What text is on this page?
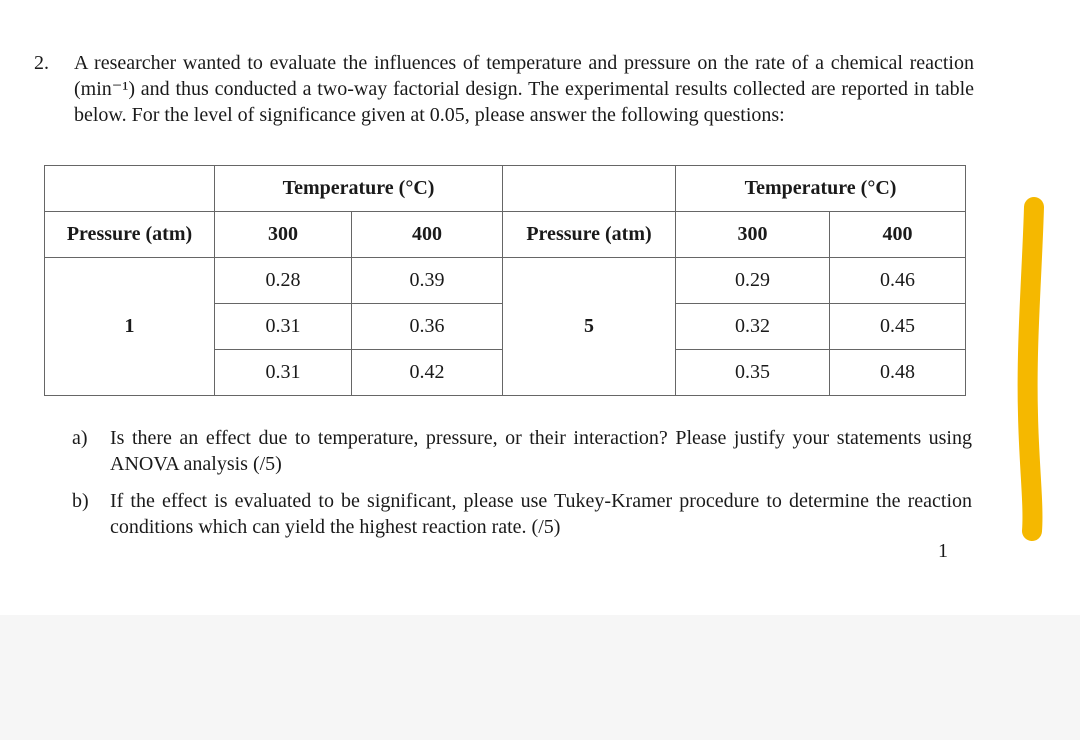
2. A researcher wanted to evaluate the influences of temperature and pressure on the rate of a chemical reaction (min⁻¹) and thus conducted a two-way factorial design. The experimental results collected are reported in table below. For the level of significance given at 0.05, please answer the following questions:
	Temperature (°C)			Temperature (°C)	
Pressure (atm)	300	400	Pressure (atm)	300	400
1	0.28	0.39	5	0.29	0.46
	0.31	0.36		0.32	0.45
	0.31	0.42		0.35	0.48
a) Is there an effect due to temperature, pressure, or their interaction? Please justify your statements using ANOVA analysis (/5)
b) If the effect is evaluated to be significant, please use Tukey-Kramer procedure to determine the reaction conditions which can yield the highest reaction rate. (/5)
1
